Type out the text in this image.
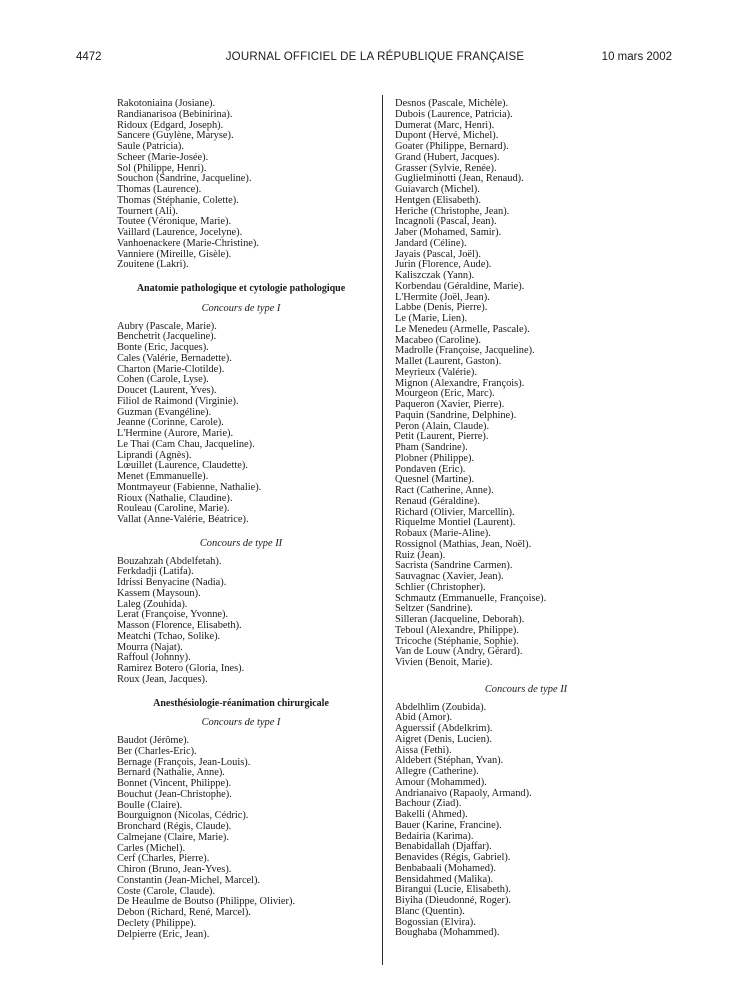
4472	JOURNAL OFFICIEL DE LA RÉPUBLIQUE FRANÇAISE	10 mars 2002
Rakotoniaina (Josiane).
Randianarisoa (Bebinirina).
Ridoux (Edgard, Joseph).
Sancere (Guylène, Maryse).
Saule (Patricia).
Scheer (Marie-Josée).
Sol (Philippe, Henri).
Souchon (Sandrine, Jacqueline).
Thomas (Laurence).
Thomas (Stéphanie, Colette).
Tournert (Ali).
Toutee (Véronique, Marie).
Vaillard (Laurence, Jocelyne).
Vanhoenackere (Marie-Christine).
Vanniere (Mireille, Gisèle).
Zouitene (Lakri).
Anatomie pathologique et cytologie pathologique
Concours de type I
Aubry (Pascale, Marie).
Benchetrit (Jacqueline).
Bonte (Eric, Jacques).
Cales (Valérie, Bernadette).
Charton (Marie-Clotilde).
Cohen (Carole, Lyse).
Doucet (Laurent, Yves).
Filiol de Raimond (Virginie).
Guzman (Evangéline).
Jeanne (Corinne, Carole).
L'Hermine (Aurore, Marie).
Le Thai (Cam Chau, Jacqueline).
Liprandi (Agnès).
Lœuillet (Laurence, Claudette).
Menet (Emmanuelle).
Montmayeur (Fabienne, Nathalie).
Rioux (Nathalie, Claudine).
Rouleau (Caroline, Marie).
Vallat (Anne-Valérie, Béatrice).
Concours de type II
Bouzahzah (Abdelfetah).
Ferkdadji (Latifa).
Idrissi Benyacine (Nadia).
Kassem (Maysoun).
Laleg (Zouhida).
Lerat (Françoise, Yvonne).
Masson (Florence, Elisabeth).
Meatchi (Tchao, Solike).
Mourra (Najat).
Raffoul (Johnny).
Ramirez Botero (Gloria, Ines).
Roux (Jean, Jacques).
Anesthésiologie-réanimation chirurgicale
Concours de type I
Baudot (Jérôme).
Ber (Charles-Eric).
Bernage (François, Jean-Louis).
Bernard (Nathalie, Anne).
Bonnet (Vincent, Philippe).
Bouchut (Jean-Christophe).
Boulle (Claire).
Bourguignon (Nicolas, Cédric).
Bronchard (Régis, Claude).
Calmejane (Claire, Marie).
Carles (Michel).
Cerf (Charles, Pierre).
Chiron (Bruno, Jean-Yves).
Constantin (Jean-Michel, Marcel).
Coste (Carole, Claude).
De Heaulme de Boutso (Philippe, Olivier).
Debon (Richard, René, Marcel).
Declety (Philippe).
Delpierre (Eric, Jean).
Desnos (Pascale, Michèle).
Dubois (Laurence, Patricia).
Dumerat (Marc, Henri).
Dupont (Hervé, Michel).
Goater (Philippe, Bernard).
Grand (Hubert, Jacques).
Grasser (Sylvie, Renée).
Guglielminotti (Jean, Renaud).
Guiavarch (Michel).
Hentgen (Elisabeth).
Heriche (Christophe, Jean).
Incagnoli (Pascal, Jean).
Jaber (Mohamed, Samir).
Jandard (Céline).
Jayais (Pascal, Joël).
Jurin (Florence, Aude).
Kaliszczak (Yann).
Korbendau (Géraldine, Marie).
L'Hermite (Joël, Jean).
Labbe (Denis, Pierre).
Le (Marie, Lien).
Le Menedeu (Armelle, Pascale).
Macabeo (Caroline).
Madrolle (Françoise, Jacqueline).
Mallet (Laurent, Gaston).
Meyrieux (Valérie).
Mignon (Alexandre, François).
Mourgeon (Eric, Marc).
Paqueron (Xavier, Pierre).
Paquin (Sandrine, Delphine).
Peron (Alain, Claude).
Petit (Laurent, Pierre).
Pham (Sandrine).
Plobner (Philippe).
Pondaven (Eric).
Quesnel (Martine).
Ract (Catherine, Anne).
Renaud (Géraldine).
Richard (Olivier, Marcellin).
Riquelme Montiel (Laurent).
Robaux (Marie-Aline).
Rossignol (Mathias, Jean, Noël).
Ruiz (Jean).
Sacrista (Sandrine Carmen).
Sauvagnac (Xavier, Jean).
Schlier (Christopher).
Schmautz (Emmanuelle, Françoise).
Seltzer (Sandrine).
Silleran (Jacqueline, Deborah).
Teboul (Alexandre, Philippe).
Tricoche (Stéphanie, Sophie).
Van de Louw (Andry, Gérard).
Vivien (Benoit, Marie).
Concours de type II
Abdelhlim (Zoubida).
Abid (Amor).
Aguerssif (Abdelkrim).
Aigret (Denis, Lucien).
Aissa (Fethi).
Aldebert (Stéphan, Yvan).
Allegre (Catherine).
Amour (Mohammed).
Andrianaivo (Rapaoly, Armand).
Bachour (Ziad).
Bakelli (Ahmed).
Bauer (Karine, Francine).
Bedairia (Karima).
Benabidallah (Djaffar).
Benavides (Régis, Gabriel).
Benbabaali (Mohamed).
Bensidahmed (Malika).
Birangui (Lucie, Elisabeth).
Biyiha (Dieudonné, Roger).
Blanc (Quentin).
Bogossian (Elvira).
Boughaba (Mohammed).
